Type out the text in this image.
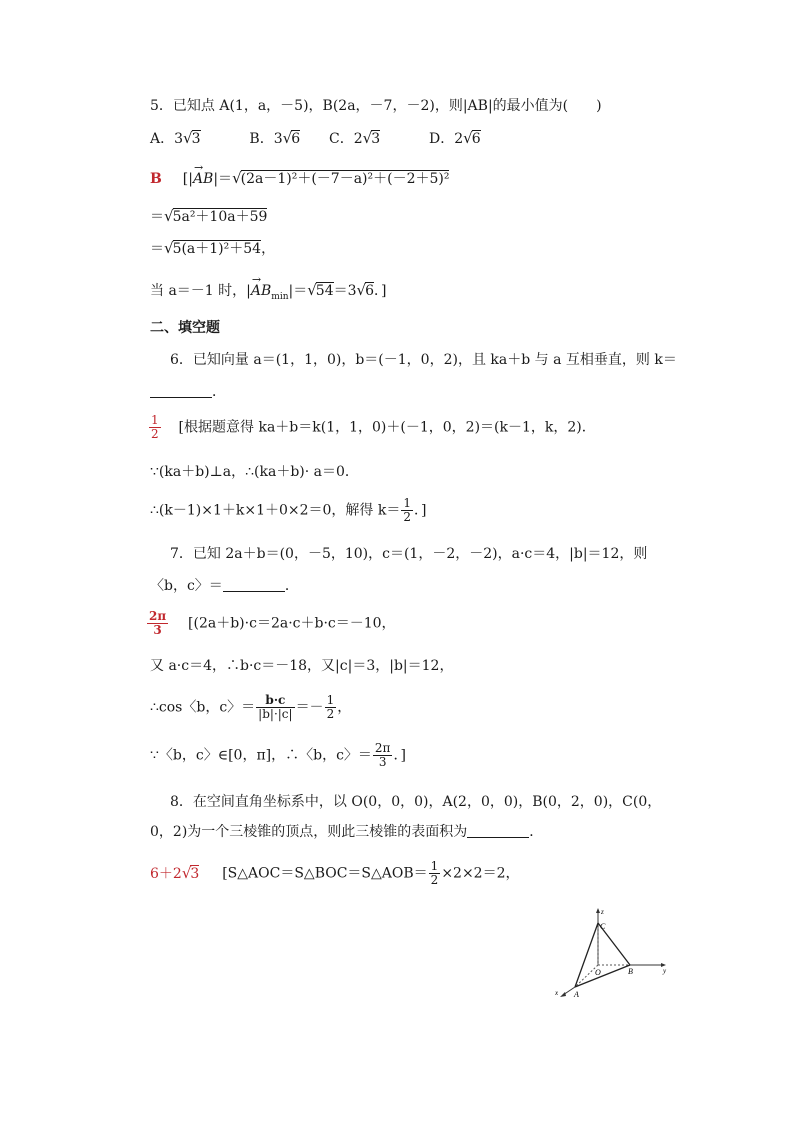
5．已知点 A(1，a，－5)，B(2a，－7，－2)，则|AB|的最小值为(　　)
A．3√3	B．3√6 C．2√3	D．2√6
B [|→ AB|＝√(2a－1)²＋(－7－a)²＋(－2＋5)²
＝√5a²＋10a＋59
＝√5(a＋1)²＋54，
当 a＝－1 时，|→ $AB_{min}|=√54=3√6$．]
二、填空题
6．已知向量 a＝(1，1，0)，b＝(－1，0，2)，且 ka＋b 与 a 互相垂直，则 k＝
．
$\frac{1}{2}$ [根据题意得 ka＋b＝k(1，1，0)＋(－1，0，2)＝(k－1，k，2)．
∵(ka＋b)⊥a，∴(ka＋b)· a＝0．
∴(k－1)×1＋k×1＋0×2＝0，解得 $k= \frac{1}{2}$ ．]
7．已知 2a＋b＝(0，－5，10)，c＝(1，－2，－2)，a·c＝4，|b|＝12，则
〈b，c〉＝	．
$\frac{2\pi}{3} [(2a+b)\cdot c=2a\cdot c+b\cdot c=-10$，
又 a·c＝4，∴b·c＝－18，又|c|＝3，|b|＝12，
∴cos〈b，c〉＝ $\frac{b\cdot c}{|b|\cdot|c|} =- \frac{1}{2}$ ，
∵〈b，c〉∈[0，π]，∴〈b，c〉＝ $\frac{2\pi}{3}$ ．]
8．在空间直角坐标系中，以 O(0，0，0)，A(2，0，0)，B(0，2，0)，C(0，
0，2)为一个三棱锥的顶点，则此三棱锥的表面积为	．
6＋2√3 [S△AOC＝S△BOC＝S△AOB＝ $\frac{1}{2} \times 2\times 2=2$，
z
y
x
C
O	B
A
